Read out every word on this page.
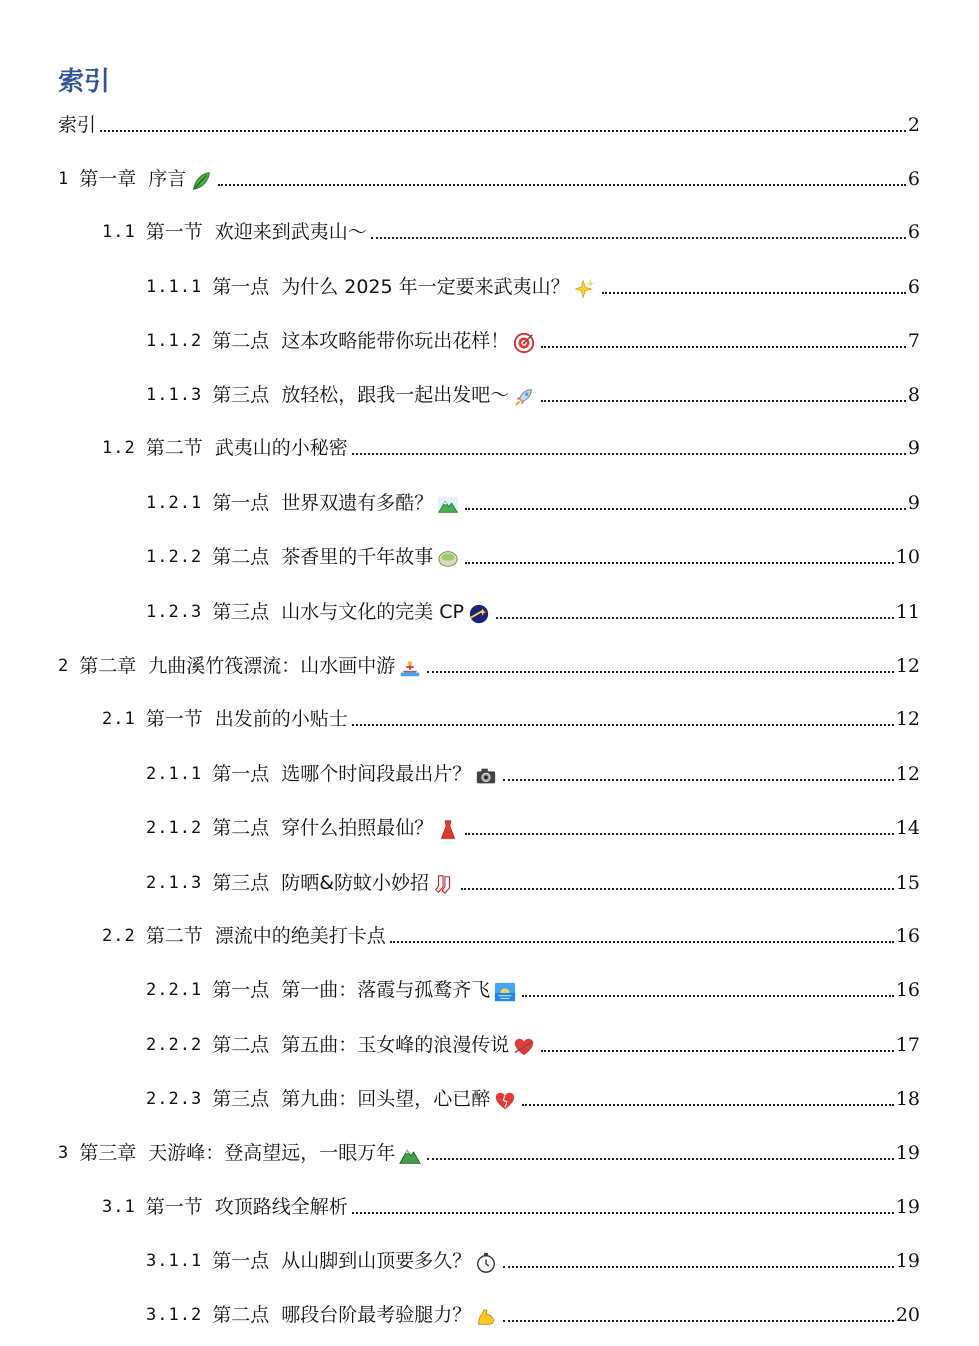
索引
索引	2
1 第一章 序言	6
1.1 第一节 欢迎来到武夷山～	6
1.1.1 第一点 为什么 2025 年一定要来武夷山？	6
1.1.2 第二点 这本攻略能带你玩出花样！	7
1.1.3 第三点 放轻松，跟我一起出发吧～	8
1.2 第二节 武夷山的小秘密	9
1.2.1 第一点 世界双遗有多酷？	9
1.2.2 第二点 茶香里的千年故事	10
1.2.3 第三点 山水与文化的完美 CP	11
2 第二章 九曲溪竹筏漂流：山水画中游	12
2.1 第一节 出发前的小贴士	12
2.1.1 第一点 选哪个时间段最出片？	12
2.1.2 第二点 穿什么拍照最仙？	14
2.1.3 第三点 防晒&防蚊小妙招	15
2.2 第二节 漂流中的绝美打卡点	16
2.2.1 第一点 第一曲：落霞与孤鹜齐飞	16
2.2.2 第二点 第五曲：玉女峰的浪漫传说	17
2.2.3 第三点 第九曲：回头望，心已醉	18
3 第三章 天游峰：登高望远，一眼万年	19
3.1 第一节 攻顶路线全解析	19
3.1.1 第一点 从山脚到山顶要多久？	19
3.1.2 第二点 哪段台阶最考验腿力？	20
